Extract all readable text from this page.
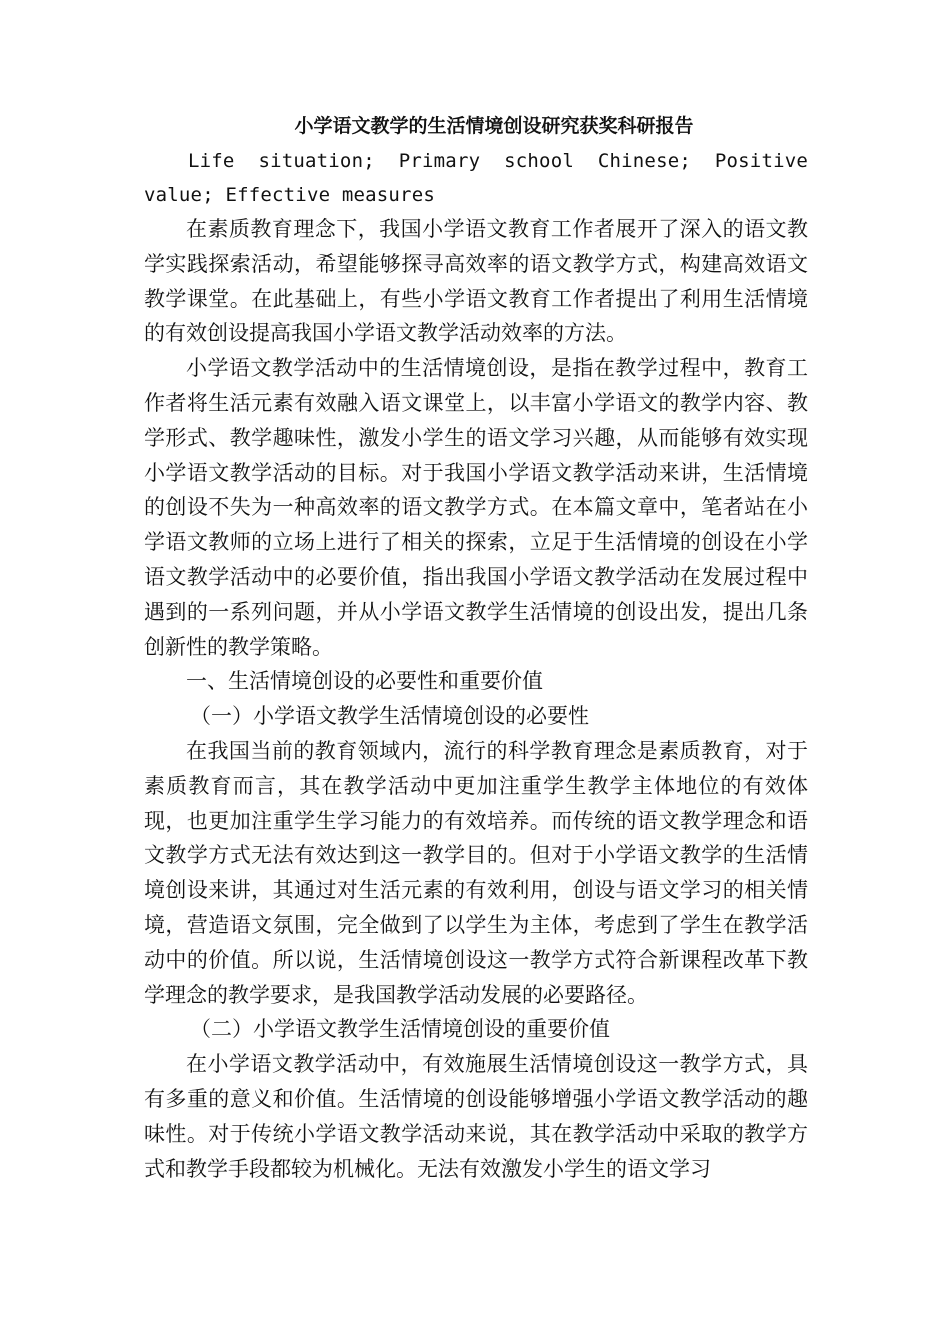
小学语文教学的生活情境创设研究获奖科研报告

Life situation; Primary school Chinese; Positive value; Effective measures

在素质教育理念下，我国小学语文教育工作者展开了深入的语文教学实践探索活动，希望能够探寻高效率的语文教学方式，构建高效语文教学课堂。在此基础上，有些小学语文教育工作者提出了利用生活情境的有效创设提高我国小学语文教学活动效率的方法。

小学语文教学活动中的生活情境创设，是指在教学过程中，教育工作者将生活元素有效融入语文课堂上，以丰富小学语文的教学内容、教学形式、教学趣味性，激发小学生的语文学习兴趣，从而能够有效实现小学语文教学活动的目标。对于我国小学语文教学活动来讲，生活情境的创设不失为一种高效率的语文教学方式。在本篇文章中，笔者站在小学语文教师的立场上进行了相关的探索，立足于生活情境的创设在小学语文教学活动中的必要价值，指出我国小学语文教学活动在发展过程中遇到的一系列问题，并从小学语文教学生活情境的创设出发，提出几条创新性的教学策略。

一、生活情境创设的必要性和重要价值

（一）小学语文教学生活情境创设的必要性

在我国当前的教育领域内，流行的科学教育理念是素质教育，对于素质教育而言，其在教学活动中更加注重学生教学主体地位的有效体现，也更加注重学生学习能力的有效培养。而传统的语文教学理念和语文教学方式无法有效达到这一教学目的。但对于小学语文教学的生活情境创设来讲，其通过对生活元素的有效利用，创设与语文学习的相关情境，营造语文氛围，完全做到了以学生为主体，考虑到了学生在教学活动中的价值。所以说，生活情境创设这一教学方式符合新课程改革下教学理念的教学要求，是我国教学活动发展的必要路径。

（二）小学语文教学生活情境创设的重要价值

在小学语文教学活动中，有效施展生活情境创设这一教学方式，具有多重的意义和价值。生活情境的创设能够增强小学语文教学活动的趣味性。对于传统小学语文教学活动来说，其在教学活动中采取的教学方式和教学手段都较为机械化。无法有效激发小学生的语文学习
